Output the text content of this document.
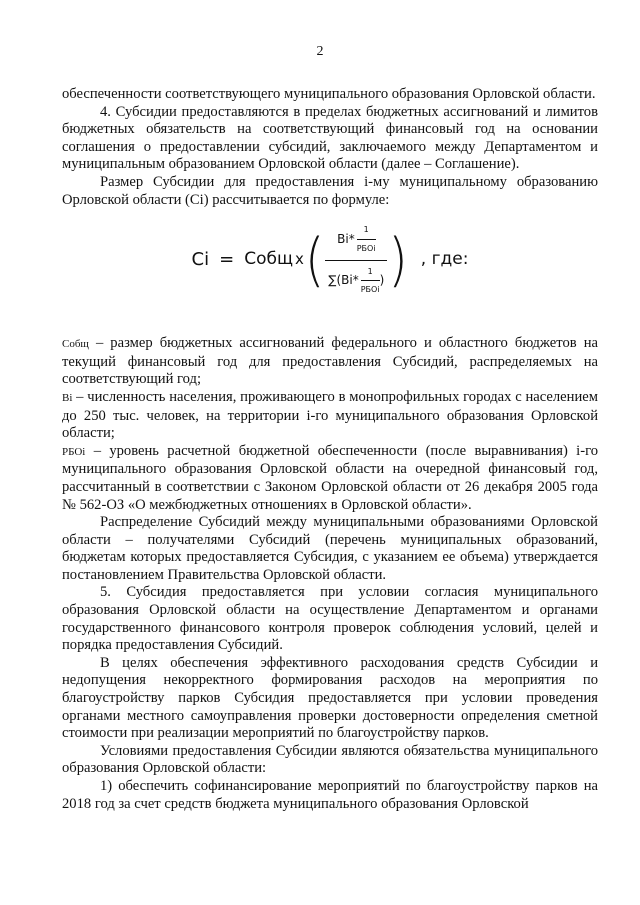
2

обеспеченности соответствующего муниципального образования Орловской области.

4. Субсидии предоставляются в пределах бюджетных ассигнований и лимитов бюджетных обязательств на соответствующий финансовый год на основании соглашения о предоставлении субсидий, заключаемого между Департаментом и муниципальным образованием Орловской области (далее – Соглашение).

Размер Субсидии для предоставления i-му муниципальному образованию Орловской области (Ci) рассчитывается по формуле:

Ci = Cобщ x ( Bi *
1
РБОi
∑(Bi *
1
РБОi
) ) , где:

Cобщ – размер бюджетных ассигнований федерального и областного бюджетов на текущий финансовый год для предоставления Субсидий, распределяемых на соответствующий год;

Bi – численность населения, проживающего в монопрофильных городах с населением до 250 тыс. человек, на территории i-го муниципального образования Орловской области;

РБОi – уровень расчетной бюджетной обеспеченности (после выравнивания) i-го муниципального образования Орловской области на очередной финансовый год, рассчитанный в соответствии с Законом Орловской области от 26 декабря 2005 года № 562-ОЗ «О межбюджетных отношениях в Орловской области».

Распределение Субсидий между муниципальными образованиями Орловской области – получателями Субсидий (перечень муниципальных образований, бюджетам которых предоставляется Субсидия, с указанием ее объема) утверждается постановлением Правительства Орловской области.

5. Субсидия предоставляется при условии согласия муниципального образования Орловской области на осуществление Департаментом и органами государственного финансового контроля проверок соблюдения условий, целей и порядка предоставления Субсидий.

В целях обеспечения эффективного расходования средств Субсидии и недопущения некорректного формирования расходов на мероприятия по благоустройству парков Субсидия предоставляется при условии проведения органами местного самоуправления проверки достоверности определения сметной стоимости при реализации мероприятий по благоустройству парков.

Условиями предоставления Субсидии являются обязательства муниципального образования Орловской области:

1) обеспечить софинансирование мероприятий по благоустройству парков на 2018 год за счет средств бюджета муниципального образования Орловской
